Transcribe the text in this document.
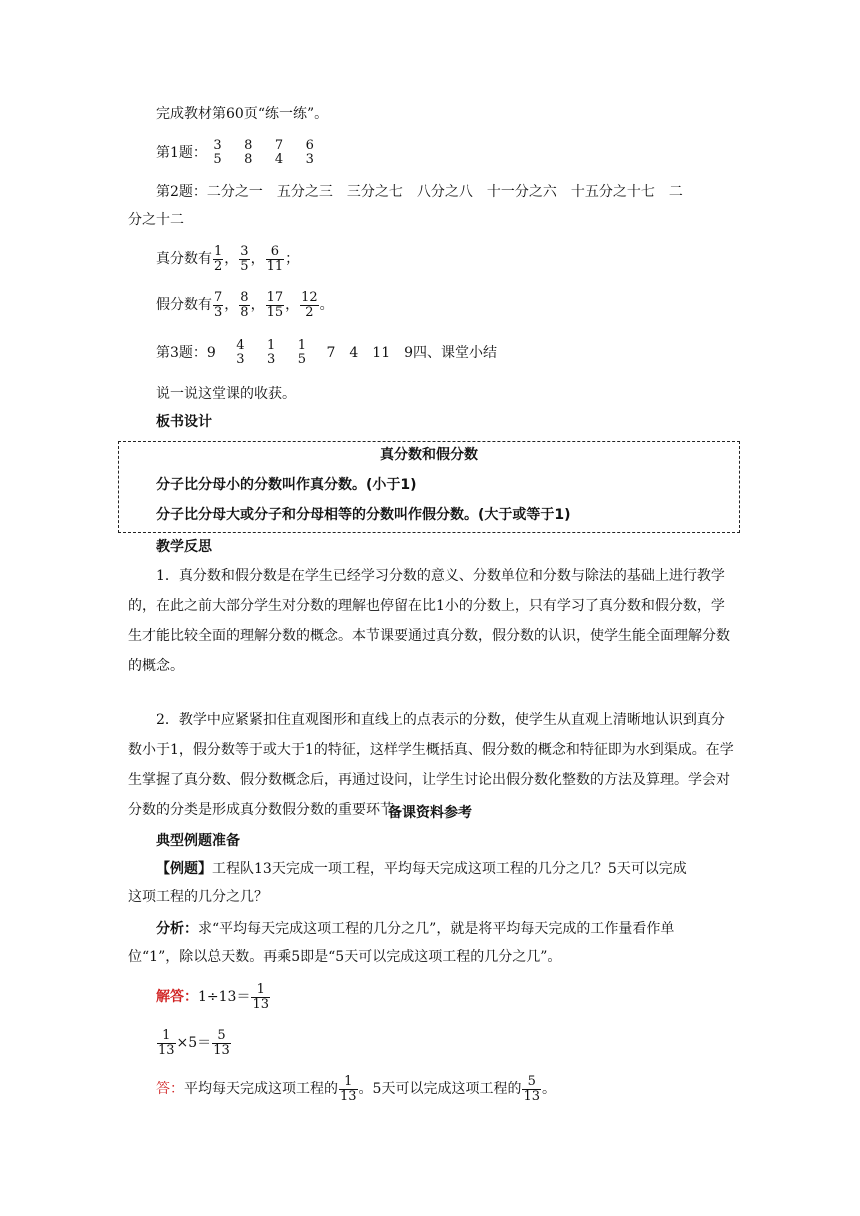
完成教材第60页“练一练”。
第1题： 3
5

8
8

7
4

6
3
第2题：二分之一　五分之三　三分之七　八分之八　十一分之六　十五分之十七　二
分之十二
真分数有 $\frac{1}{2}$ ， $\frac{3}{5}$ ， $\frac{6}{11}$ ；
假分数有 $\frac{7}{3}$ ， $\frac{8}{8}$ ， $\frac{17}{15}$ ， $\frac{12}{2}$ 。
第3题：9 4
3

1
3

1
5 7　4　11　9四、课堂小结
说一说这堂课的收获。
板书设计
真分数和假分数
分子比分母小的分数叫作真分数。(小于1)
分子比分母大或分子和分母相等的分数叫作假分数。(大于或等于1)
教学反思
1．真分数和假分数是在学生已经学习分数的意义、分数单位和分数与除法的基础上进行教学的，在此之前大部分学生对分数的理解也停留在比1小的分数上，只有学习了真分数和假分数，学生才能比较全面的理解分数的概念。本节课要通过真分数，假分数的认识，使学生能全面理解分数的概念。
2．教学中应紧紧扣住直观图形和直线上的点表示的分数，使学生从直观上清晰地认识到真分数小于1，假分数等于或大于1的特征，这样学生概括真、假分数的概念和特征即为水到渠成。在学生掌握了真分数、假分数概念后，再通过设问，让学生讨论出假分数化整数的方法及算理。学会对分数的分类是形成真分数假分数的重要环节。
备课资料参考
典型例题准备
【例题】工程队13天完成一项工程，平均每天完成这项工程的几分之几？5天可以完成
这项工程的几分之几？
分析：求“平均每天完成这项工程的几分之几”，就是将平均每天完成的工作量看作单
位“1”，除以总天数。再乘5即是“5天可以完成这项工程的几分之几”。
解答：$1\div 13= \frac{1}{13}$
$\frac{1}{13} \times 5= \frac{5}{13}$
答：平均每天完成这项工程的 $\frac{1}{13}$ 。5天可以完成这项工程的 $\frac{5}{13}$ 。
